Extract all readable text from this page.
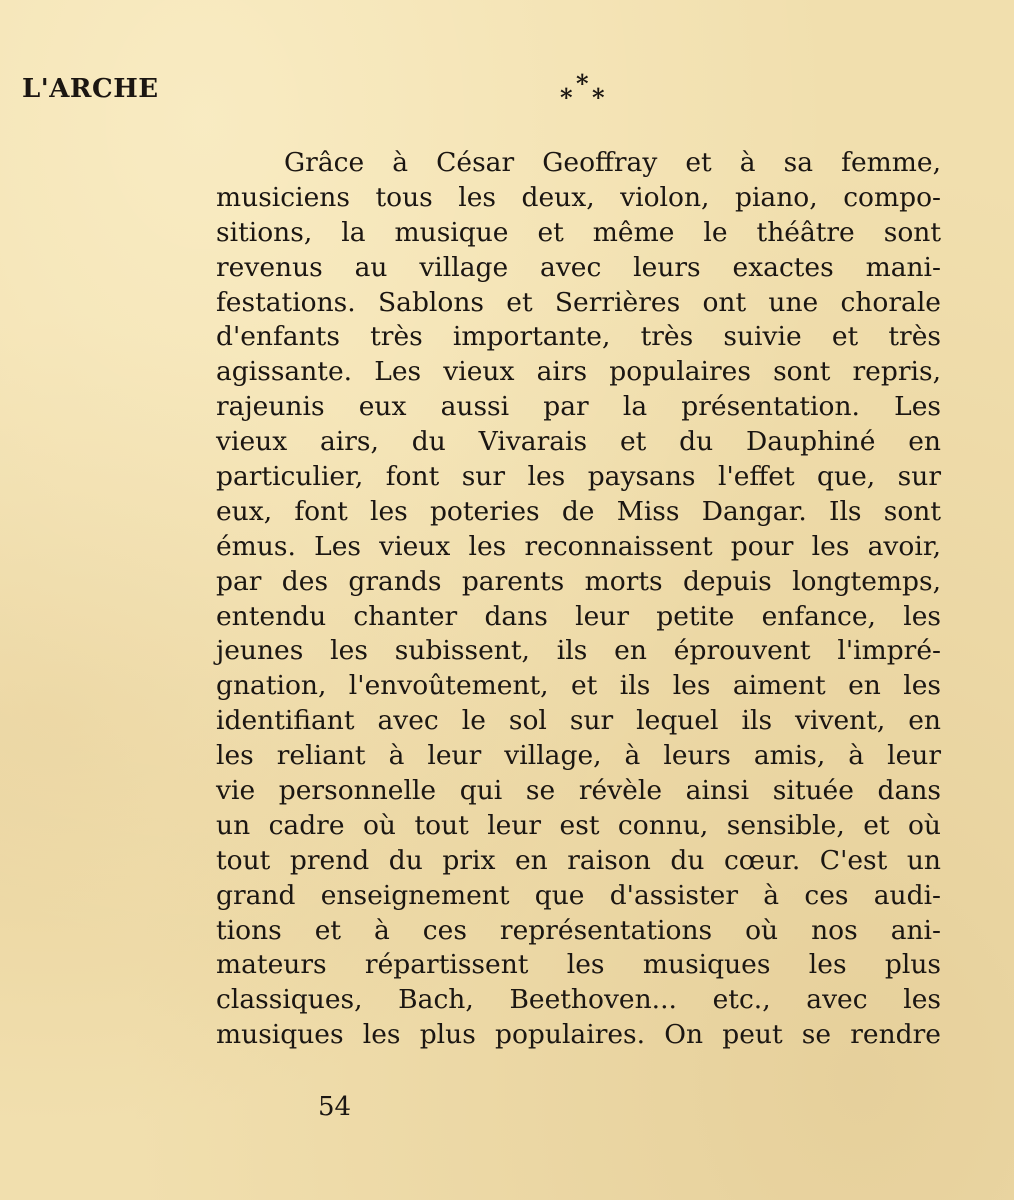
L'ARCHE	*
* *
Grâce à César Geoffray et à sa femme,
musiciens tous les deux, violon, piano, compo-
sitions, la musique et même le théâtre sont
revenus au village avec leurs exactes mani-
festations. Sablons et Serrières ont une chorale
d'enfants très importante, très suivie et très
agissante. Les vieux airs populaires sont repris,
rajeunis eux aussi par la présentation. Les
vieux airs, du Vivarais et du Dauphiné en
particulier, font sur les paysans l'effet que, sur
eux, font les poteries de Miss Dangar. Ils sont
émus. Les vieux les reconnaissent pour les avoir,
par des grands parents morts depuis longtemps,
entendu chanter dans leur petite enfance, les
jeunes les subissent, ils en éprouvent l'impré-
gnation, l'envoûtement, et ils les aiment en les
identifiant avec le sol sur lequel ils vivent, en
les reliant à leur village, à leurs amis, à leur
vie personnelle qui se révèle ainsi située dans
un cadre où tout leur est connu, sensible, et où
tout prend du prix en raison du cœur. C'est un
grand enseignement que d'assister à ces audi-
tions et à ces représentations où nos ani-
mateurs répartissent les musiques les plus
classiques, Bach, Beethoven... etc., avec les
musiques les plus populaires. On peut se rendre
54
